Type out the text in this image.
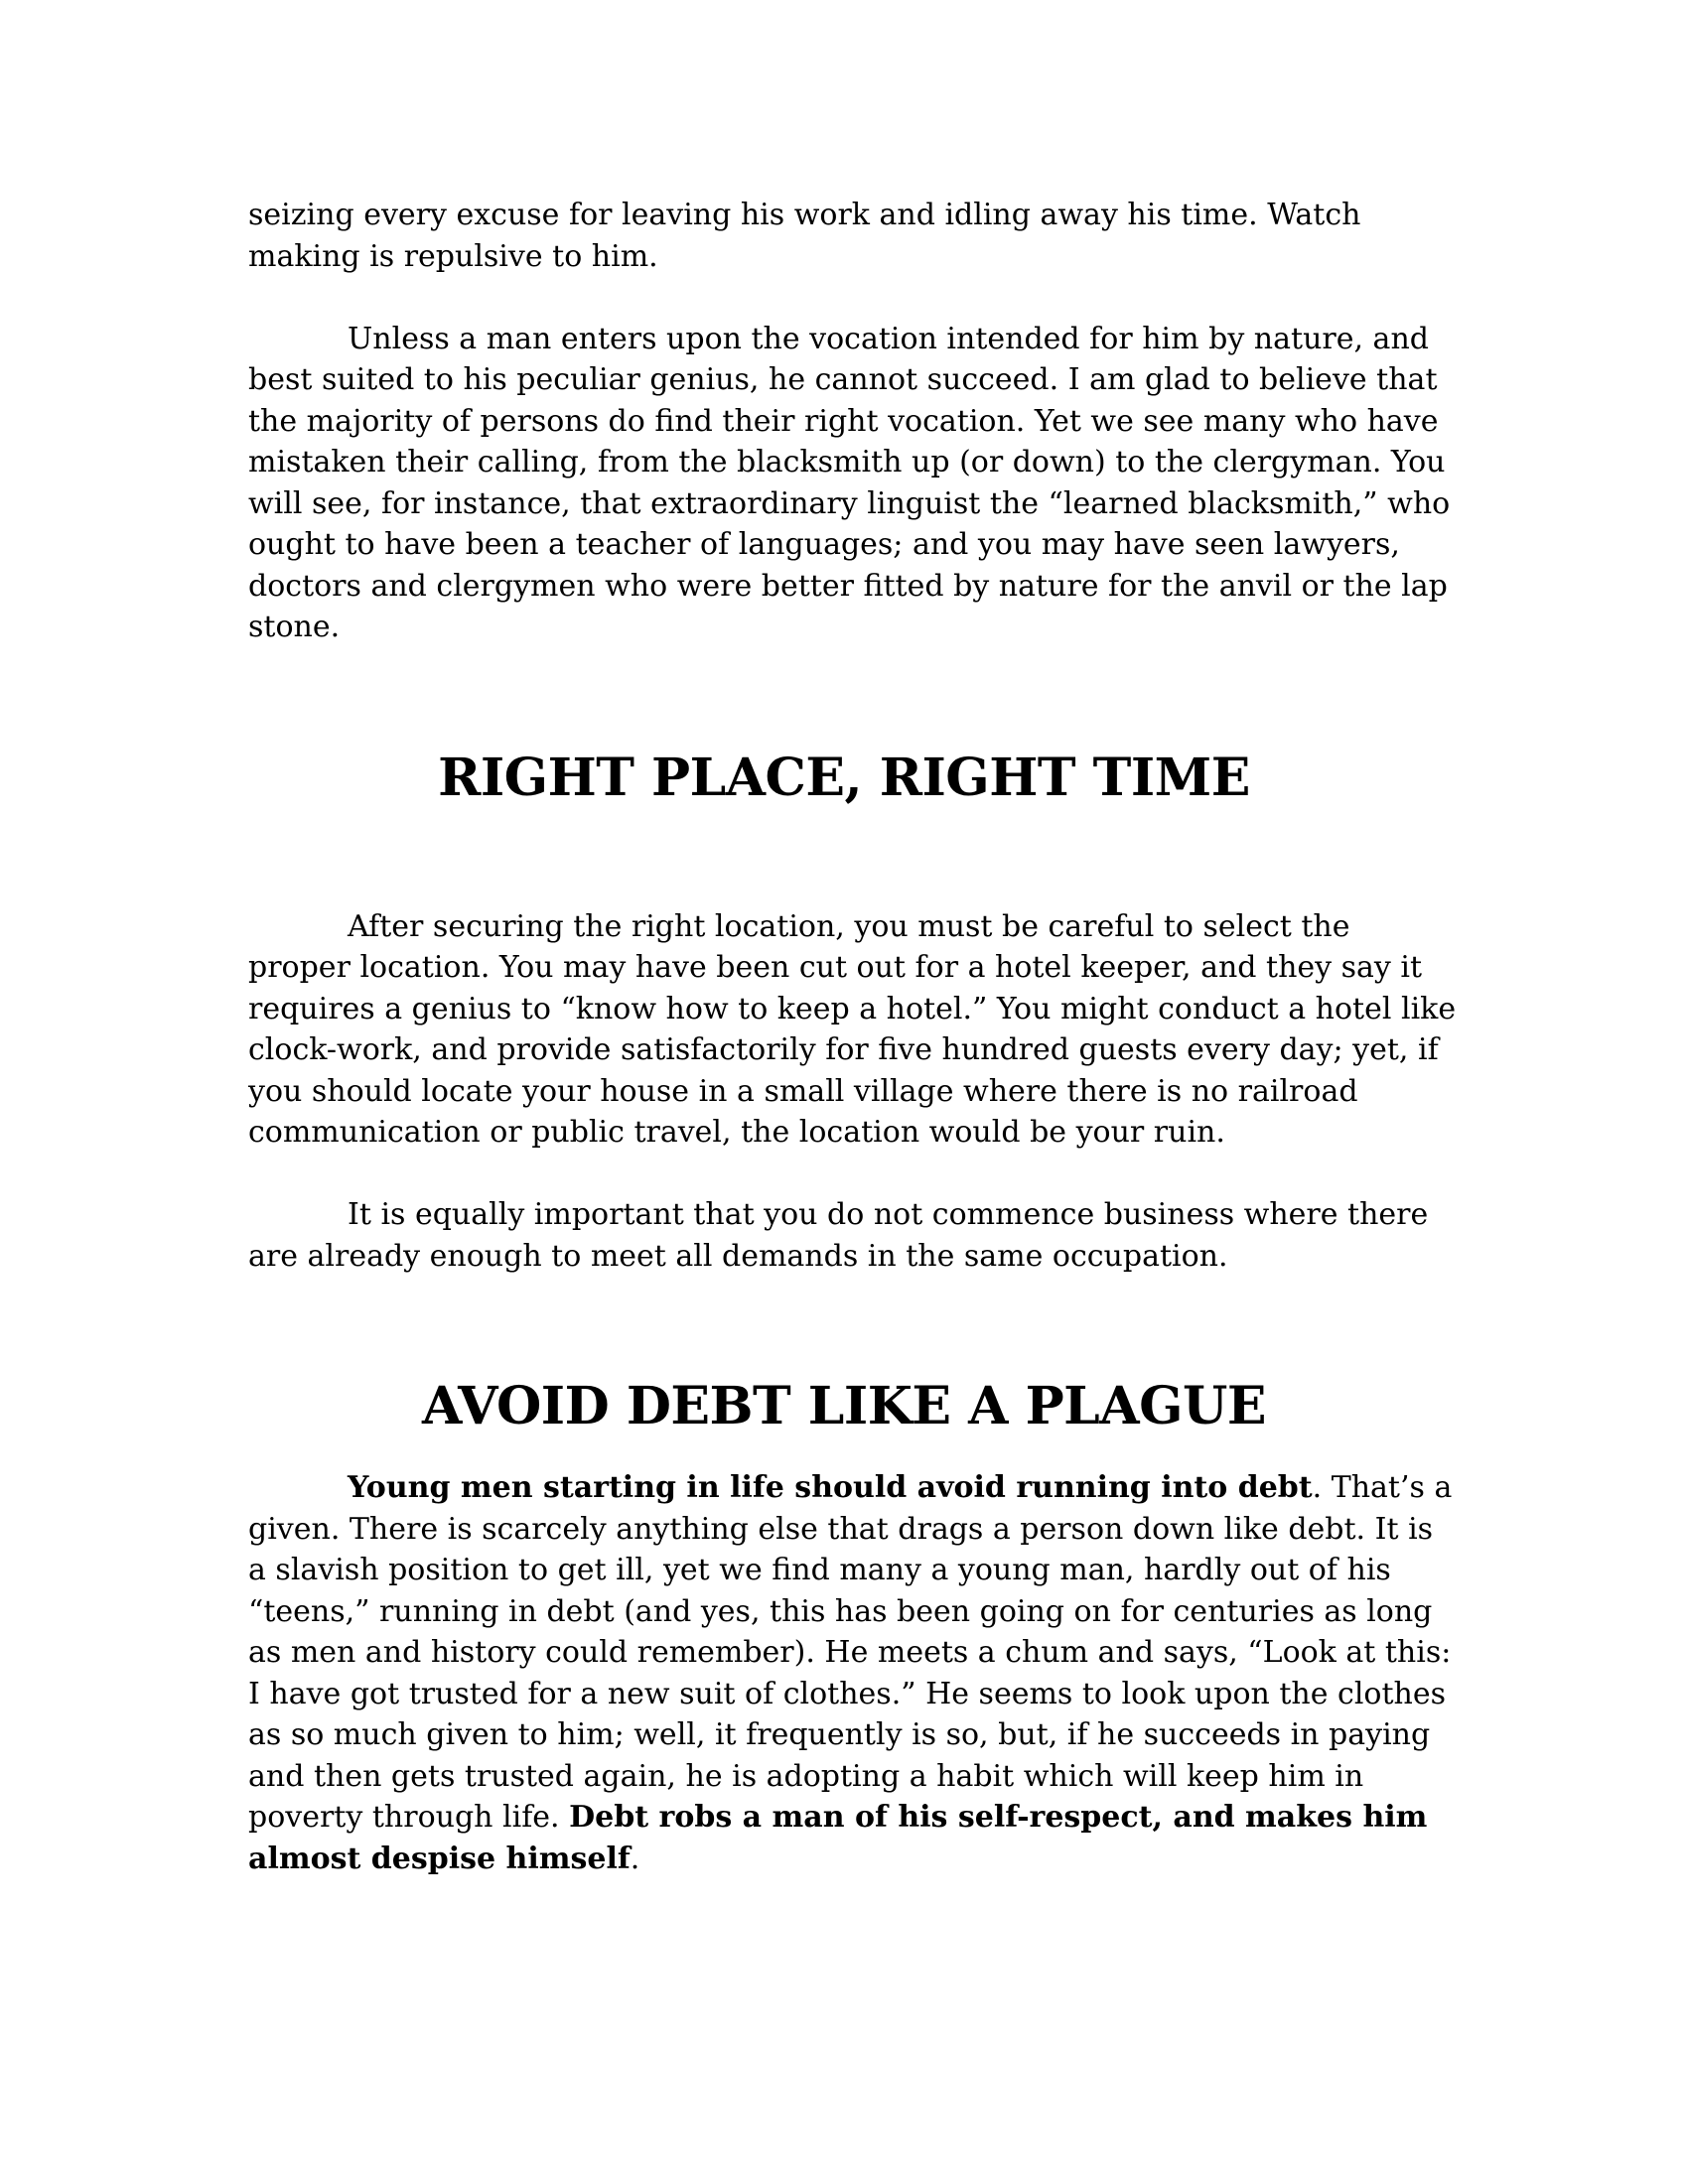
seizing every excuse for leaving his work and idling away his time. Watch making is repulsive to him.

Unless a man enters upon the vocation intended for him by nature, and best suited to his peculiar genius, he cannot succeed. I am glad to believe that the majority of persons do find their right vocation. Yet we see many who have mistaken their calling, from the blacksmith up (or down) to the clergyman. You will see, for instance, that extraordinary linguist the “learned blacksmith,” who ought to have been a teacher of languages; and you may have seen lawyers, doctors and clergymen who were better fitted by nature for the anvil or the lap stone.

RIGHT PLACE, RIGHT TIME

After securing the right location, you must be careful to select the proper location. You may have been cut out for a hotel keeper, and they say it requires a genius to “know how to keep a hotel.” You might conduct a hotel like clock-work, and provide satisfactorily for five hundred guests every day; yet, if you should locate your house in a small village where there is no railroad communication or public travel, the location would be your ruin.

It is equally important that you do not commence business where there are already enough to meet all demands in the same occupation.

AVOID DEBT LIKE A PLAGUE

Young men starting in life should avoid running into debt. That’s a given. There is scarcely anything else that drags a person down like debt. It is a slavish position to get ill, yet we find many a young man, hardly out of his “teens,” running in debt (and yes, this has been going on for centuries as long as men and history could remember). He meets a chum and says, “Look at this: I have got trusted for a new suit of clothes.” He seems to look upon the clothes as so much given to him; well, it frequently is so, but, if he succeeds in paying and then gets trusted again, he is adopting a habit which will keep him in poverty through life. Debt robs a man of his self-respect, and makes him almost despise himself.
